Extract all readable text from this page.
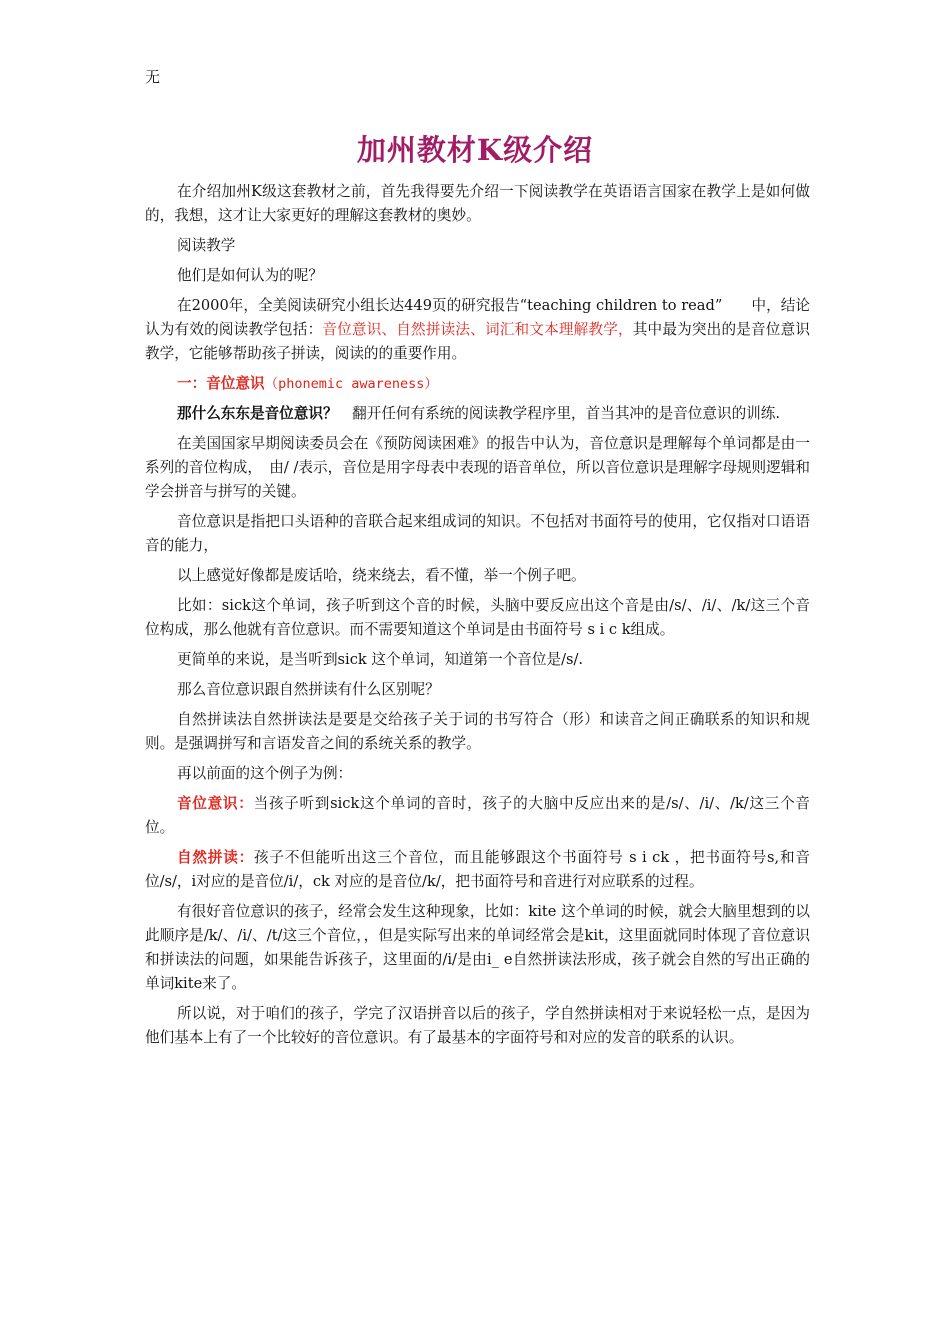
无
加州教材K级介绍

在介绍加州K级这套教材之前，首先我得要先介绍一下阅读教学在英语语言国家在教学上是如何做的，我想，这才让大家更好的理解这套教材的奥妙。

阅读教学

他们是如何认为的呢？

在2000年，全美阅读研究小组长达449页的研究报告“teaching children to read”　　中，结论认为有效的阅读教学包括：音位意识、自然拼读法、词汇和文本理解教学，其中最为突出的是音位意识教学，它能够帮助孩子拼读，阅读的的重要作用。

一：音位意识（phonemic awareness）

那什么东东是音位意识？　翻开任何有系统的阅读教学程序里，首当其冲的是音位意识的训练.

在美国国家早期阅读委员会在《预防阅读困难》的报告中认为，音位意识是理解每个单词都是由一系列的音位构成，　由/ /表示，音位是用字母表中表现的语音单位，所以音位意识是理解字母规则逻辑和学会拼音与拼写的关键。

音位意识是指把口头语种的音联合起来组成词的知识。不包括对书面符号的使用，它仅指对口语语音的能力，

以上感觉好像都是废话哈，绕来绕去，看不懂，举一个例子吧。

比如：sick这个单词，孩子听到这个音的时候，头脑中要反应出这个音是由/s/、/i/、/k/这三个音位构成，那么他就有音位意识。而不需要知道这个单词是由书面符号 s i c k组成。

更简单的来说，是当听到sick 这个单词，知道第一个音位是/s/.

那么音位意识跟自然拼读有什么区别呢？

自然拼读法自然拼读法是要是交给孩子关于词的书写符合（形）和读音之间正确联系的知识和规则。是强调拼写和言语发音之间的系统关系的教学。

再以前面的这个例子为例：

音位意识：当孩子听到sick这个单词的音时，孩子的大脑中反应出来的是/s/、/i/、/k/这三个音位。

自然拼读：孩子不但能听出这三个音位，而且能够跟这个书面符号 s i ck ，把书面符号s,和音位/s/，i对应的是音位/i/，ck 对应的是音位/k/，把书面符号和音进行对应联系的过程。

有很好音位意识的孩子，经常会发生这种现象，比如：kite 这个单词的时候，就会大脑里想到的以此顺序是/k/、/i/、/t/这三个音位，，但是实际写出来的单词经常会是kit，这里面就同时体现了音位意识和拼读法的问题，如果能告诉孩子，这里面的/i/是由i_ e自然拼读法形成，孩子就会自然的写出正确的单词kite来了。

所以说，对于咱们的孩子，学完了汉语拼音以后的孩子，学自然拼读相对于来说轻松一点，是因为他们基本上有了一个比较好的音位意识。有了最基本的字面符号和对应的发音的联系的认识。
